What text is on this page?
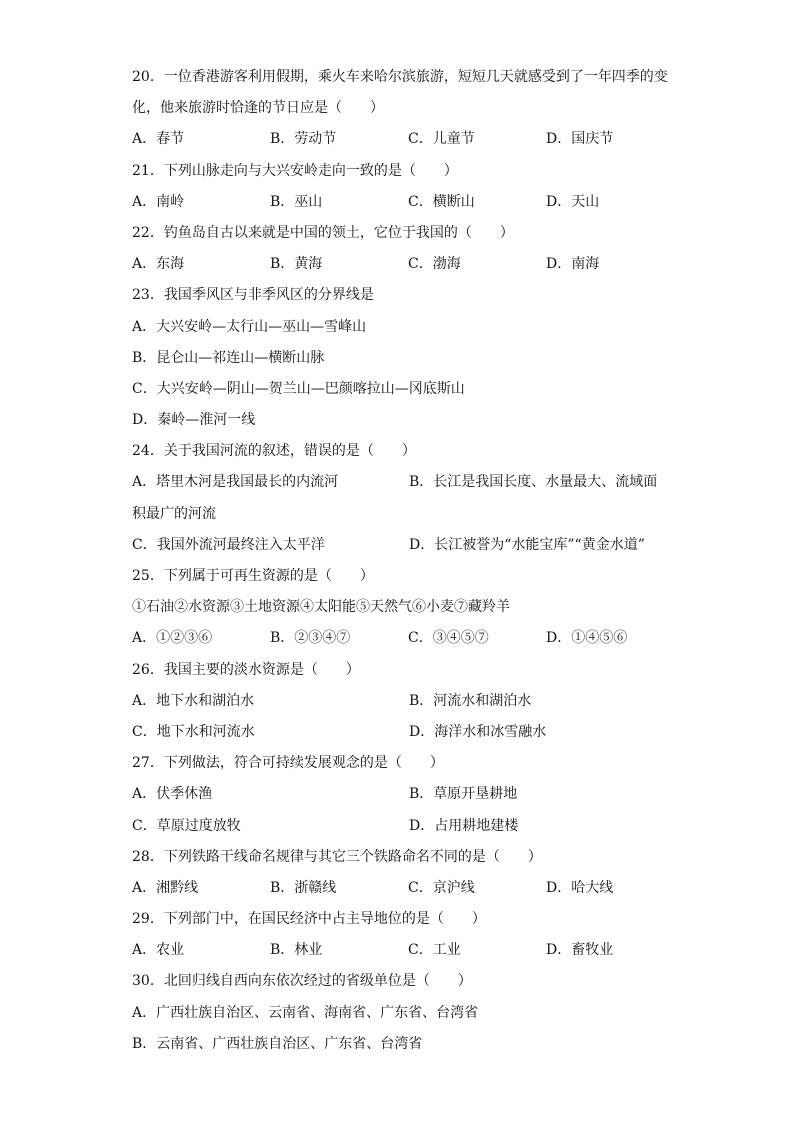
20．一位香港游客利用假期，乘火车来哈尔滨旅游，短短几天就感受到了一年四季的变
化，他来旅游时恰逢的节日应是（　　）
A．春节	B．劳动节	C．儿童节	D．国庆节
21．下列山脉走向与大兴安岭走向一致的是（　　）
A．南岭	B．巫山	C．横断山	D．天山
22．钓鱼岛自古以来就是中国的领土，它位于我国的（　　）
A．东海	B．黄海	C．渤海	D．南海
23．我国季风区与非季风区的分界线是
A．大兴安岭—太行山—巫山—雪峰山
B．昆仑山—祁连山—横断山脉
C．大兴安岭—阴山—贺兰山—巴颜喀拉山—冈底斯山
D．秦岭—淮河一线
24．关于我国河流的叙述，错误的是（　　）
A．塔里木河是我国最长的内流河	B．长江是我国长度、水量最大、流域面
积最广的河流
C．我国外流河最终注入太平洋	D．长江被誉为“水能宝库”“黄金水道”
25．下列属于可再生资源的是（　　）
①石油②水资源③土地资源④太阳能⑤天然气⑥小麦⑦藏羚羊
A．①②③⑥	B．②③④⑦	C．③④⑤⑦	D．①④⑤⑥
26．我国主要的淡水资源是（　　）
A．地下水和湖泊水	B．河流水和湖泊水
C．地下水和河流水	D．海洋水和冰雪融水
27．下列做法，符合可持续发展观念的是（　　）
A．伏季休渔	B．草原开垦耕地
C．草原过度放牧	D．占用耕地建楼
28．下列铁路干线命名规律与其它三个铁路命名不同的是（　　）
A．湘黔线	B．浙赣线	C．京沪线	D．哈大线
29．下列部门中，在国民经济中占主导地位的是（　　）
A．农业	B．林业	C．工业	D．畜牧业
30．北回归线自西向东依次经过的省级单位是（　　）
A．广西壮族自治区、云南省、海南省、广东省、台湾省
B．云南省、广西壮族自治区、广东省、台湾省
